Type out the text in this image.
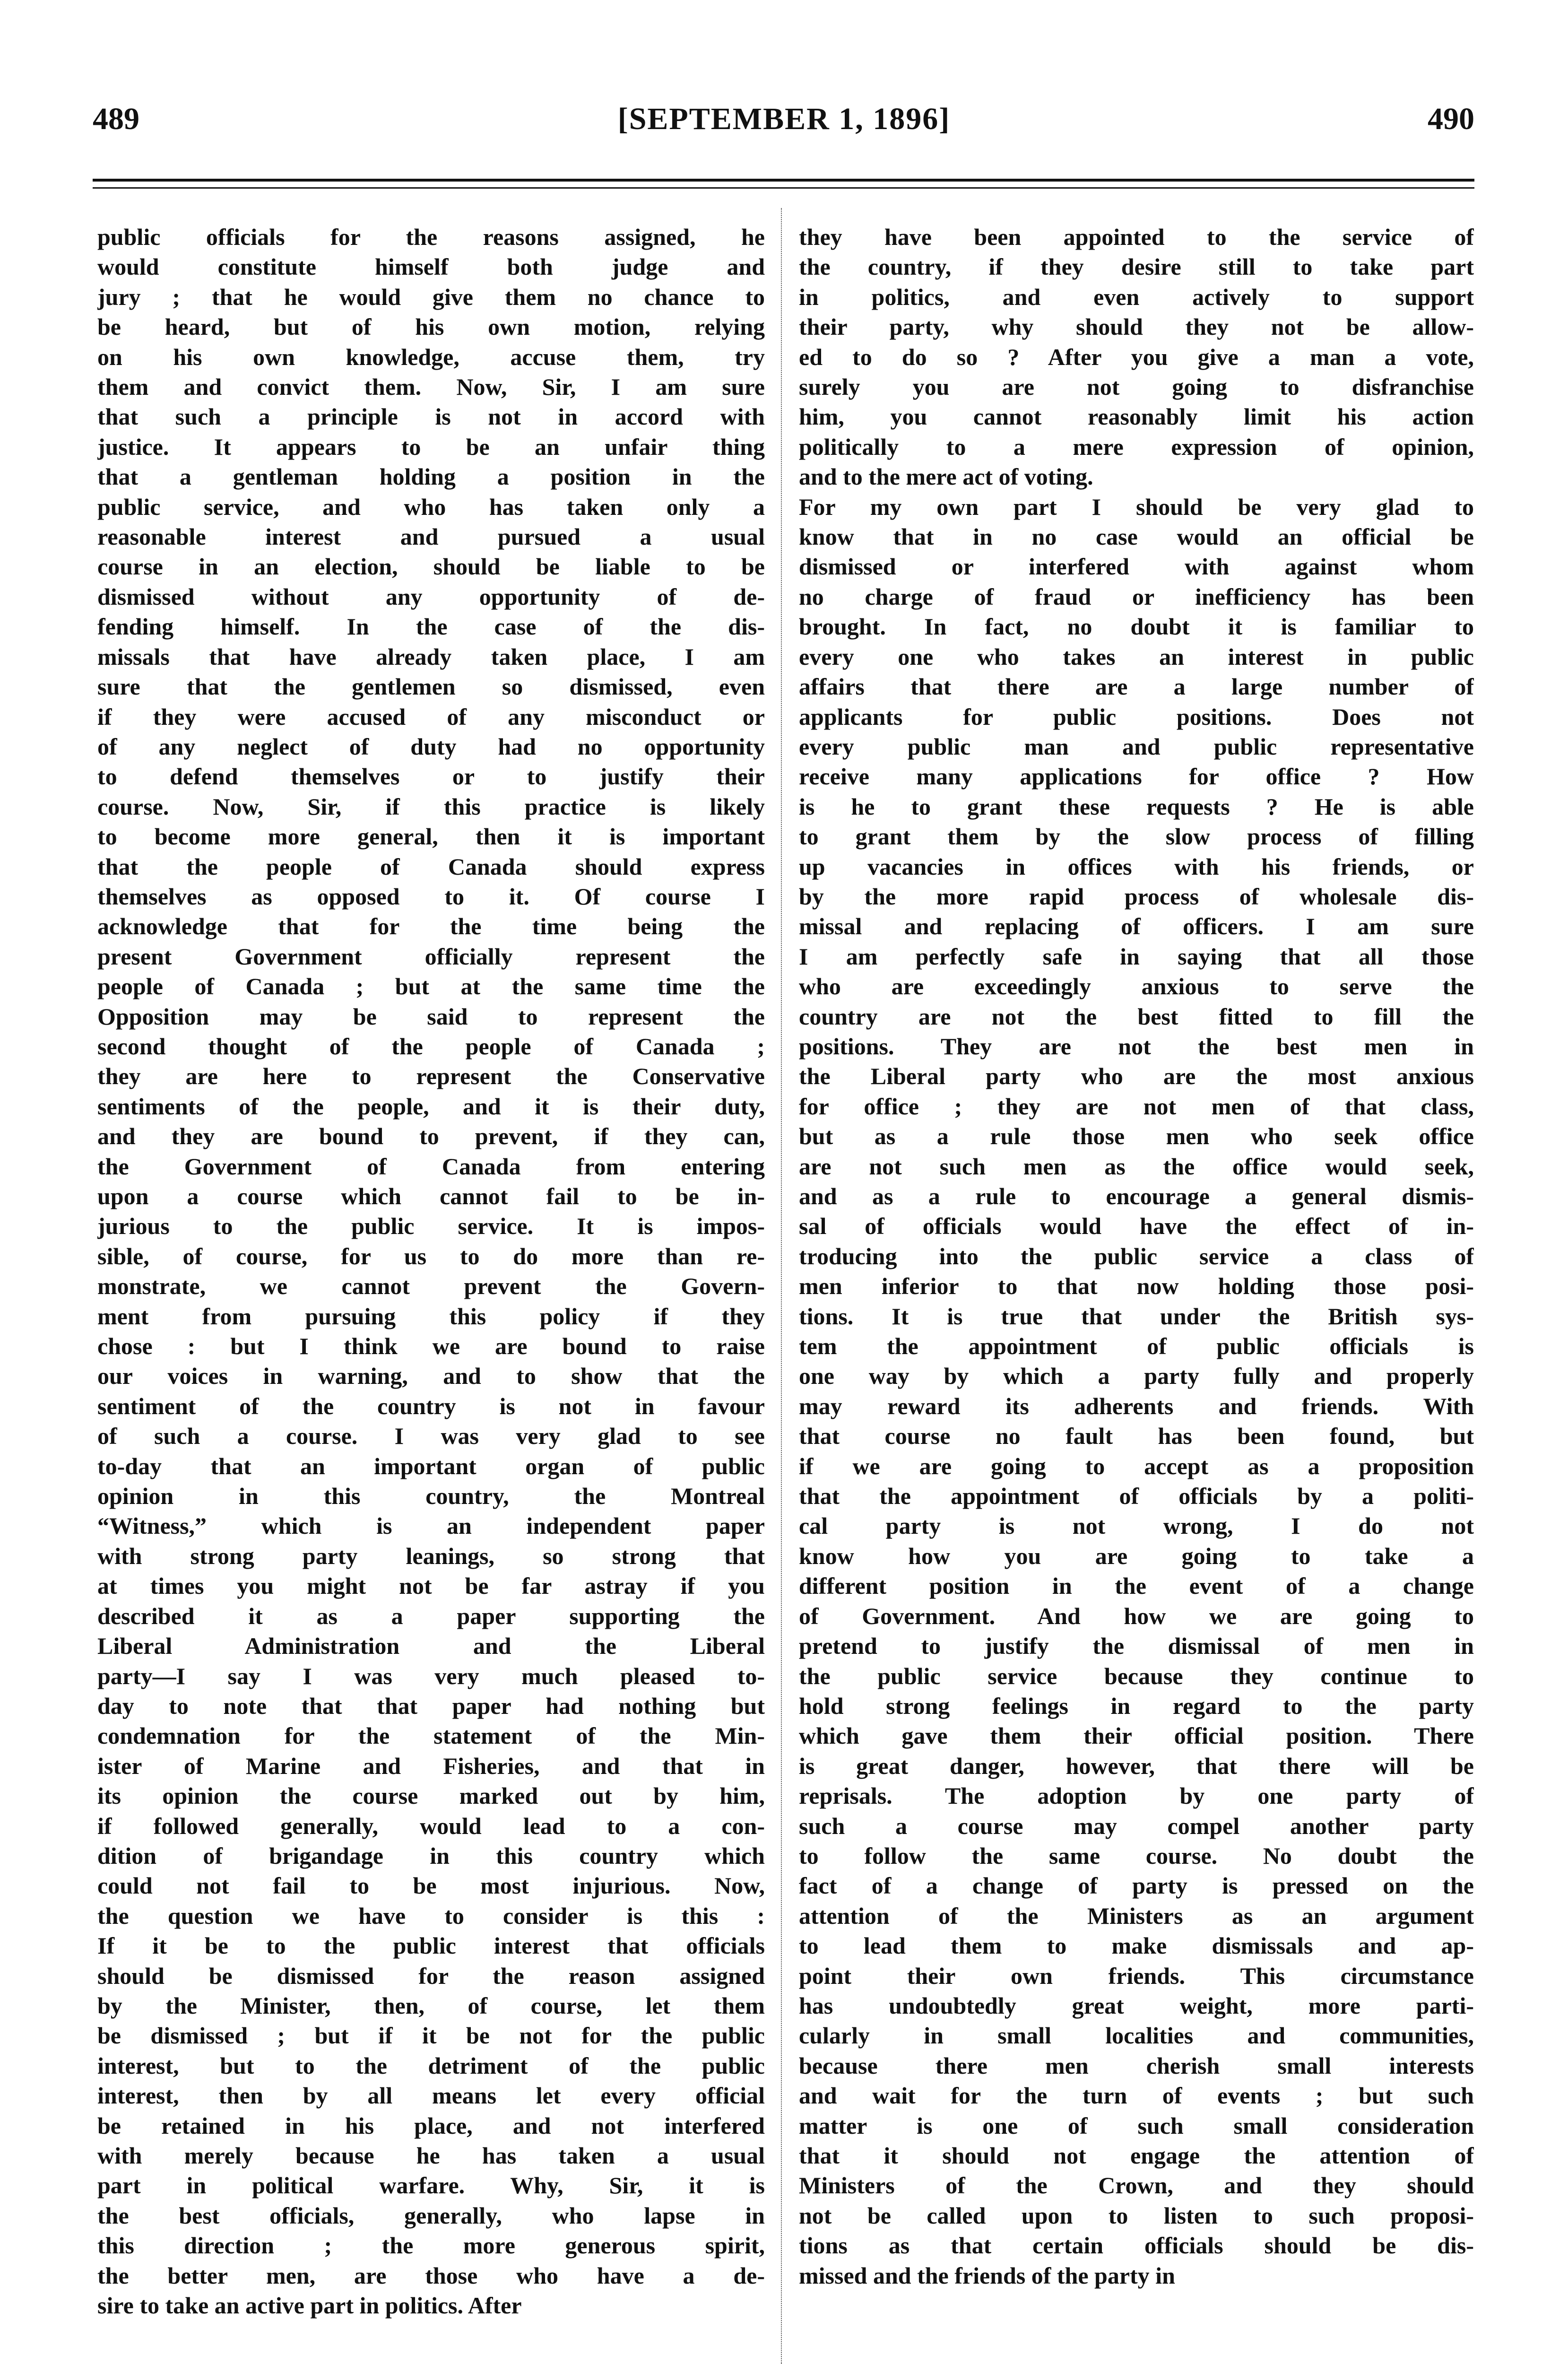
489	[SEPTEMBER 1, 1896]	490
public officials for the reasons assigned, he
would constitute himself both judge and
jury ; that he would give them no chance to
be heard, but of his own motion, relying
on his own knowledge, accuse them, try
them and convict them. Now, Sir, I am sure
that such a principle is not in accord with
justice. It appears to be an unfair thing
that a gentleman holding a position in the
public service, and who has taken only a
reasonable interest and pursued a usual
course in an election, should be liable to be
dismissed without any opportunity of de-
fending himself. In the case of the dis-
missals that have already taken place, I am
sure that the gentlemen so dismissed, even
if they were accused of any misconduct or
of any neglect of duty had no opportunity
to defend themselves or to justify their
course. Now, Sir, if this practice is likely
to become more general, then it is important
that the people of Canada should express
themselves as opposed to it. Of course I
acknowledge that for the time being the
present Government officially represent the
people of Canada ; but at the same time the
Opposition may be said to represent the
second thought of the people of Canada ;
they are here to represent the Conservative
sentiments of the people, and it is their duty,
and they are bound to prevent, if they can,
the Government of Canada from entering
upon a course which cannot fail to be in-
jurious to the public service. It is impos-
sible, of course, for us to do more than re-
monstrate, we cannot prevent the Govern-
ment from pursuing this policy if they
chose : but I think we are bound to raise
our voices in warning, and to show that the
sentiment of the country is not in favour
of such a course. I was very glad to see
to-day that an important organ of public
opinion in this country, the Montreal
“Witness,” which is an independent paper
with strong party leanings, so strong that
at times you might not be far astray if you
described it as a paper supporting the
Liberal Administration and the Liberal
party—I say I was very much pleased to-
day to note that that paper had nothing but
condemnation for the statement of the Min-
ister of Marine and Fisheries, and that in
its opinion the course marked out by him,
if followed generally, would lead to a con-
dition of brigandage in this country which
could not fail to be most injurious. Now,
the question we have to consider is this :
If it be to the public interest that officials
should be dismissed for the reason assigned
by the Minister, then, of course, let them
be dismissed ; but if it be not for the public
interest, but to the detriment of the public
interest, then by all means let every official
be retained in his place, and not interfered
with merely because he has taken a usual
part in political warfare. Why, Sir, it is
the best officials, generally, who lapse in
this direction ; the more generous spirit,
the better men, are those who have a de-
sire to take an active part in politics. After
they have been appointed to the service of
the country, if they desire still to take part
in politics, and even actively to support
their party, why should they not be allow-
ed to do so ? After you give a man a vote,
surely you are not going to disfranchise
him, you cannot reasonably limit his action
politically to a mere expression of opinion,
and to the mere act of voting.
For my own part I should be very glad to
know that in no case would an official be
dismissed or interfered with against whom
no charge of fraud or inefficiency has been
brought. In fact, no doubt it is familiar to
every one who takes an interest in public
affairs that there are a large number of
applicants for public positions. Does not
every public man and public representative
receive many applications for office ? How
is he to grant these requests ? He is able
to grant them by the slow process of filling
up vacancies in offices with his friends, or
by the more rapid process of wholesale dis-
missal and replacing of officers. I am sure
I am perfectly safe in saying that all those
who are exceedingly anxious to serve the
country are not the best fitted to fill the
positions. They are not the best men in
the Liberal party who are the most anxious
for office ; they are not men of that class,
but as a rule those men who seek office
are not such men as the office would seek,
and as a rule to encourage a general dismis-
sal of officials would have the effect of in-
troducing into the public service a class of
men inferior to that now holding those posi-
tions. It is true that under the British sys-
tem the appointment of public officials is
one way by which a party fully and properly
may reward its adherents and friends. With
that course no fault has been found, but
if we are going to accept as a proposition
that the appointment of officials by a politi-
cal party is not wrong, I do not
know how you are going to take a
different position in the event of a change
of Government. And how we are going to
pretend to justify the dismissal of men in
the public service because they continue to
hold strong feelings in regard to the party
which gave them their official position. There
is great danger, however, that there will be
reprisals. The adoption by one party of
such a course may compel another party
to follow the same course. No doubt the
fact of a change of party is pressed on the
attention of the Ministers as an argument
to lead them to make dismissals and ap-
point their own friends. This circumstance
has undoubtedly great weight, more parti-
cularly in small localities and communities,
because there men cherish small interests
and wait for the turn of events ; but such
matter is one of such small consideration
that it should not engage the attention of
Ministers of the Crown, and they should
not be called upon to listen to such proposi-
tions as that certain officials should be dis-
missed and the friends of the party in
